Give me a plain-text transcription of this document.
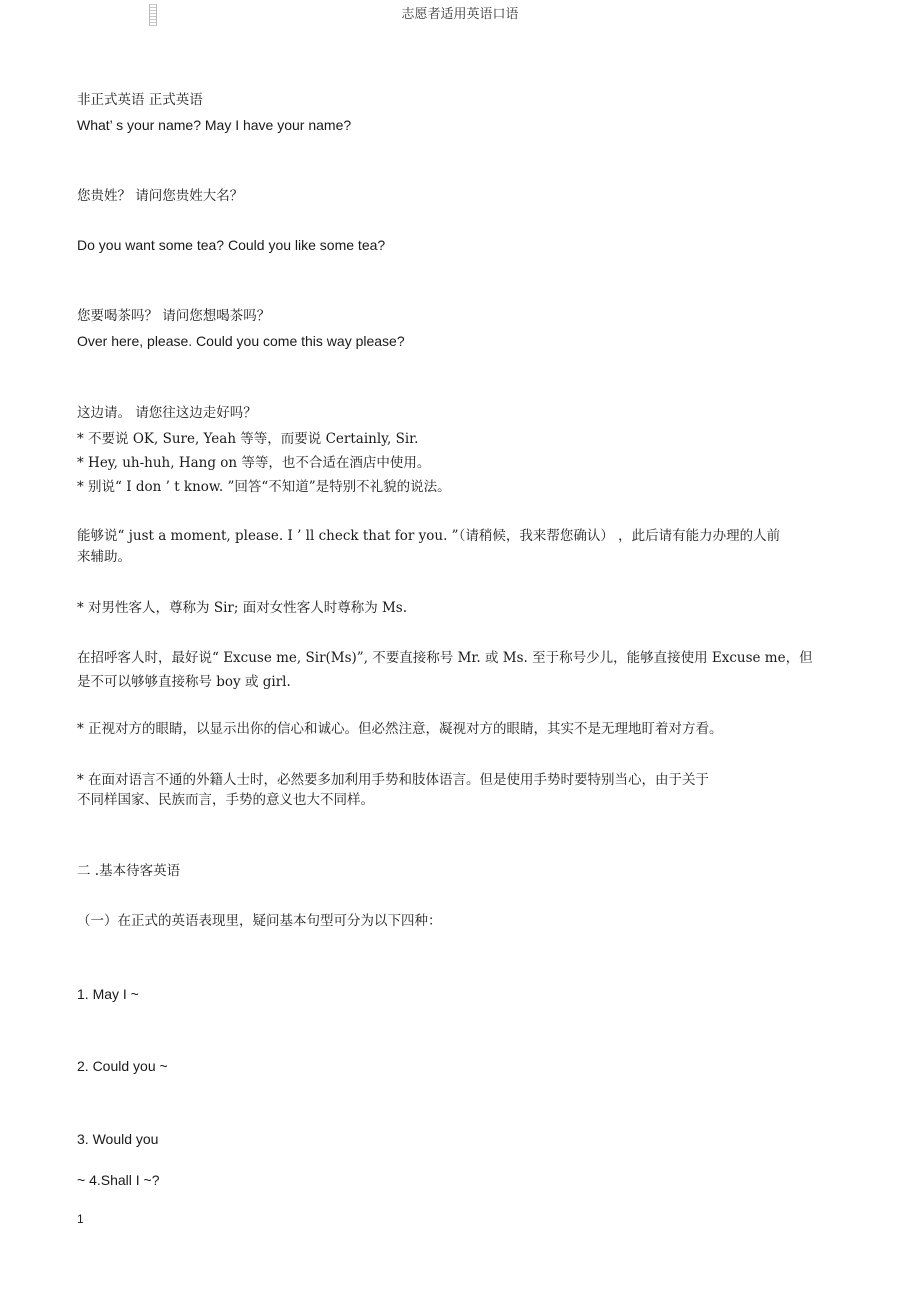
志愿者适用英语口语
非正式英语 正式英语
What’ s your name? May I have your name?
您贵姓？ 请问您贵姓大名？
Do you want some tea? Could you like some tea?
您要喝茶吗？ 请问您想喝茶吗？
Over here, please. Could you come this way please?
这边请。 请您往这边走好吗？
* 不要说 OK, Sure, Yeah 等等，而要说 Certainly, Sir.
* Hey, uh-huh, Hang on 等等，也不合适在酒店中使用。
* 别说“ I don ’ t know. ”回答“不知道”是特别不礼貌的说法。
能够说“ just a moment, please. I ’ ll check that for you. ”（请稍候，我来帮您确认） ，此后请有能力办理的人前
来辅助。
* 对男性客人，尊称为 Sir; 面对女性客人时尊称为 Ms.
在招呼客人时，最好说“ Excuse me, Sir(Ms)”, 不要直接称号 Mr. 或 Ms. 至于称号少儿，能够直接使用 Excuse me，但
是不可以够够直接称号 boy 或 girl.
* 正视对方的眼睛，以显示出你的信心和诚心。但必然注意，凝视对方的眼睛，其实不是无理地盯着对方看。
* 在面对语言不通的外籍人士时，必然要多加利用手势和肢体语言。但是使用手势时要特别当心，由于关于
不同样国家、民族而言，手势的意义也大不同样。
二 .基本待客英语
（一）在正式的英语表现里，疑问基本句型可分为以下四种：
1. May I ~
2. Could you ~
3. Would you
~ 4.Shall I ~?
1
